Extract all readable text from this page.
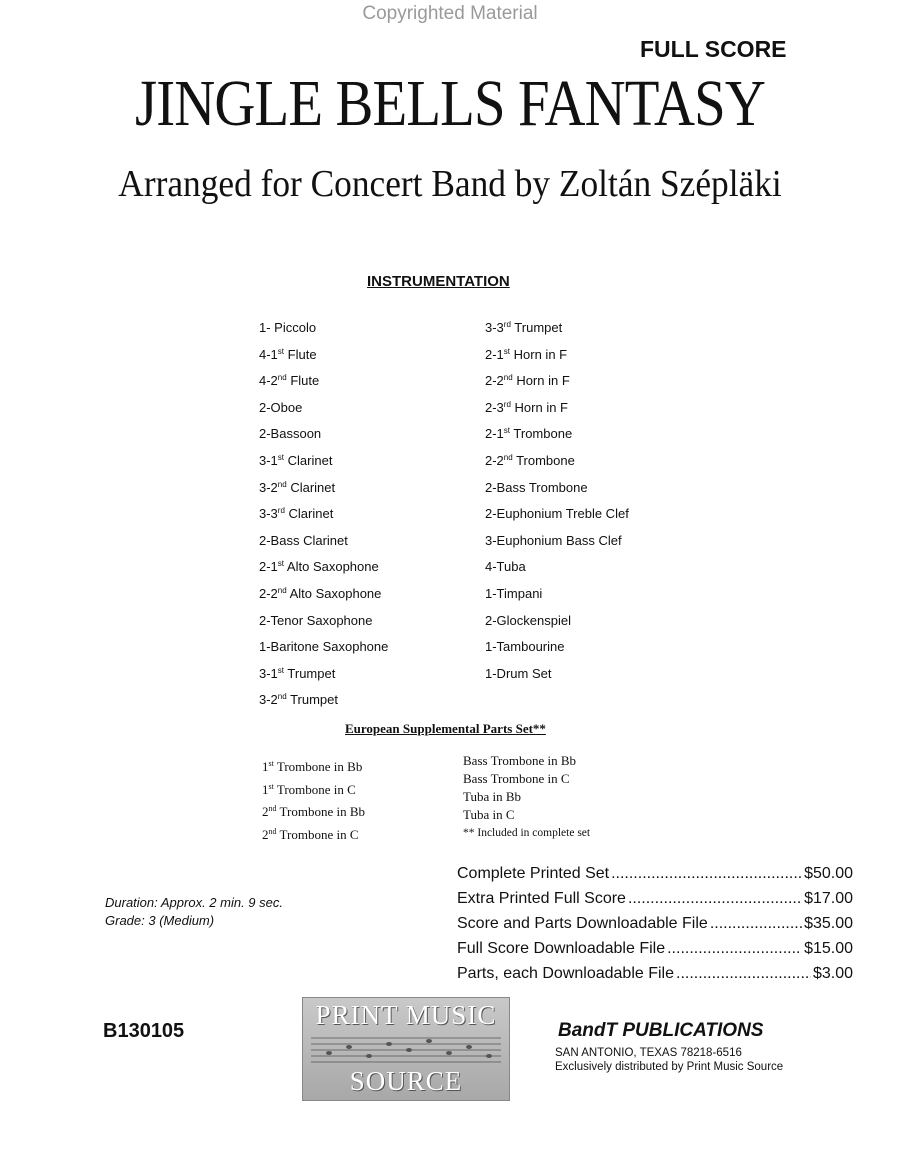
Copyrighted Material
FULL SCORE
JINGLE BELLS FANTASY
Arranged for Concert Band by Zoltán Szépläki
INSTRUMENTATION
1- Piccolo
4-1st Flute
4-2nd Flute
2-Oboe
2-Bassoon
3-1st Clarinet
3-2nd Clarinet
3-3rd Clarinet
2-Bass Clarinet
2-1st Alto Saxophone
2-2nd Alto Saxophone
2-Tenor Saxophone
1-Baritone Saxophone
3-1st Trumpet
3-2nd Trumpet
3-3rd Trumpet
2-1st Horn in F
2-2nd Horn in F
2-3rd Horn in F
2-1st Trombone
2-2nd Trombone
2-Bass Trombone
2-Euphonium Treble Clef
3-Euphonium Bass Clef
4-Tuba
1-Timpani
2-Glockenspiel
1-Tambourine
1-Drum Set
European Supplemental Parts Set**
1st Trombone in Bb
1st Trombone in C
2nd Trombone in Bb
2nd Trombone in C
Bass Trombone in Bb
Bass Trombone in C
Tuba in Bb
Tuba in C
** Included in complete set
Complete Printed Set .....	$50.00
Extra Printed Full Score .....	$17.00
Score and Parts Downloadable File .....	$35.00
Full Score Downloadable File .....	$15.00
Parts, each Downloadable File .....	$3.00
Duration: Approx. 2 min. 9 sec.
Grade: 3 (Medium)
B130105
PRINT MUSIC
SOURCE
BandT PUBLICATIONS
SAN ANTONIO, TEXAS 78218-6516
Exclusively distributed by Print Music Source
